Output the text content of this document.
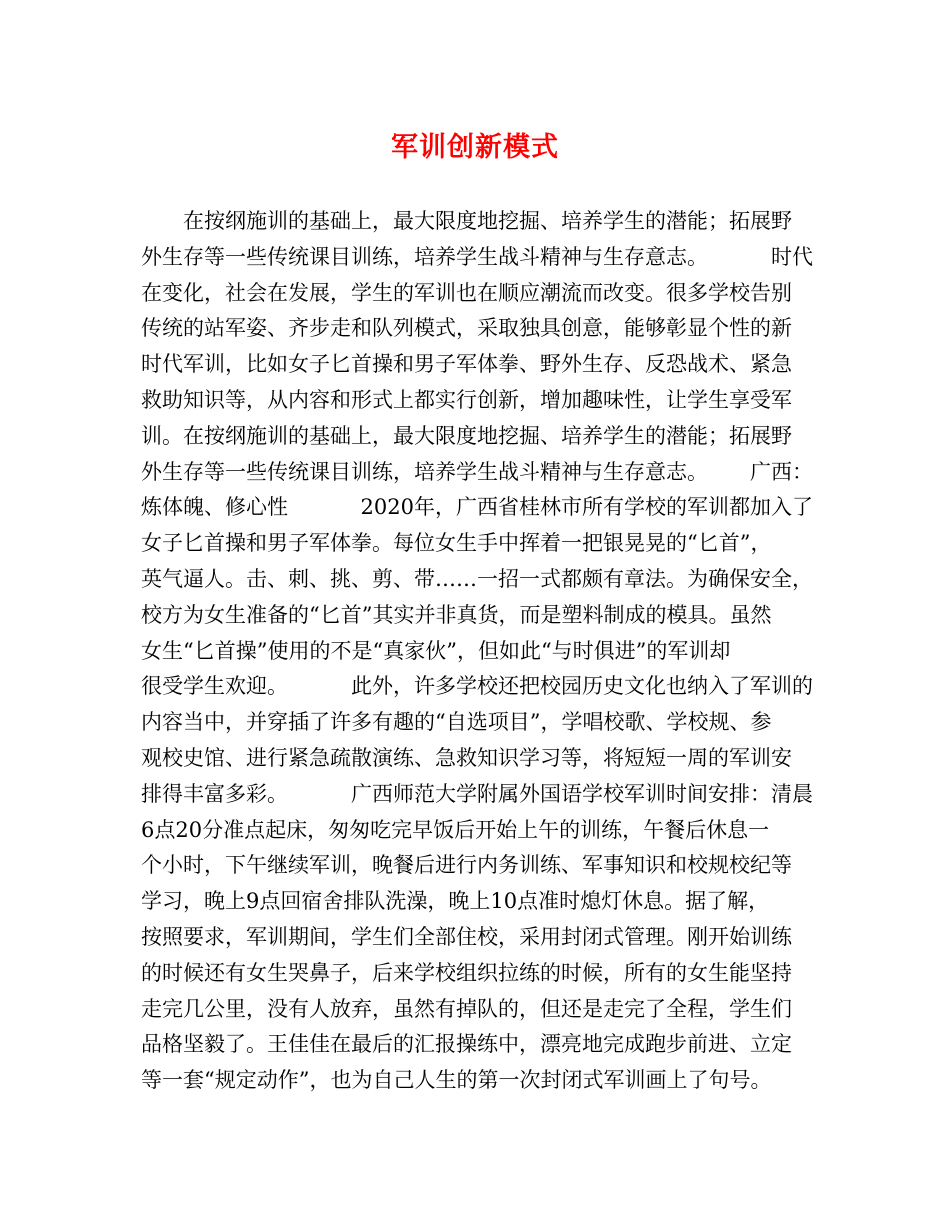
军训创新模式
在按纲施训的基础上，最大限度地挖掘、培养学生的潜能；拓展野
外生存等一些传统课目训练，培养学生战斗精神与生存意志。	时代
在变化，社会在发展，学生的军训也在顺应潮流而改变。很多学校告别
传统的站军姿、齐步走和队列模式，采取独具创意，能够彰显个性的新
时代军训，比如女子匕首操和男子军体拳、野外生存、反恐战术、紧急
救助知识等，从内容和形式上都实行创新，增加趣味性，让学生享受军
训。在按纲施训的基础上，最大限度地挖掘、培养学生的潜能；拓展野
外生存等一些传统课目训练，培养学生战斗精神与生存意志。 广西：
炼体魄、修心性	2020年，广西省桂林市所有学校的军训都加入了
女子匕首操和男子军体拳。每位女生手中挥着一把银晃晃的“匕首”，
英气逼人。击、刺、挑、剪、带……一招一式都颇有章法。为确保安全，
校方为女生准备的“匕首”其实并非真货，而是塑料制成的模具。虽然
女生“匕首操”使用的不是“真家伙”，但如此“与时俱进”的军训却
很受学生欢迎。	此外，许多学校还把校园历史文化也纳入了军训的
内容当中，并穿插了许多有趣的“自选项目”，学唱校歌、学校规、参
观校史馆、进行紧急疏散演练、急救知识学习等，将短短一周的军训安
排得丰富多彩。	广西师范大学附属外国语学校军训时间安排：清晨
6点20分准点起床，匆匆吃完早饭后开始上午的训练，午餐后休息一
个小时，下午继续军训，晚餐后进行内务训练、军事知识和校规校纪等
学习，晚上9点回宿舍排队洗澡，晚上10点准时熄灯休息。据了解，
按照要求，军训期间，学生们全部住校，采用封闭式管理。刚开始训练
的时候还有女生哭鼻子，后来学校组织拉练的时候，所有的女生能坚持
走完几公里，没有人放弃，虽然有掉队的，但还是走完了全程，学生们
品格坚毅了。王佳佳在最后的汇报操练中，漂亮地完成跑步前进、立定
等一套“规定动作”，也为自己人生的第一次封闭式军训画上了句号。
